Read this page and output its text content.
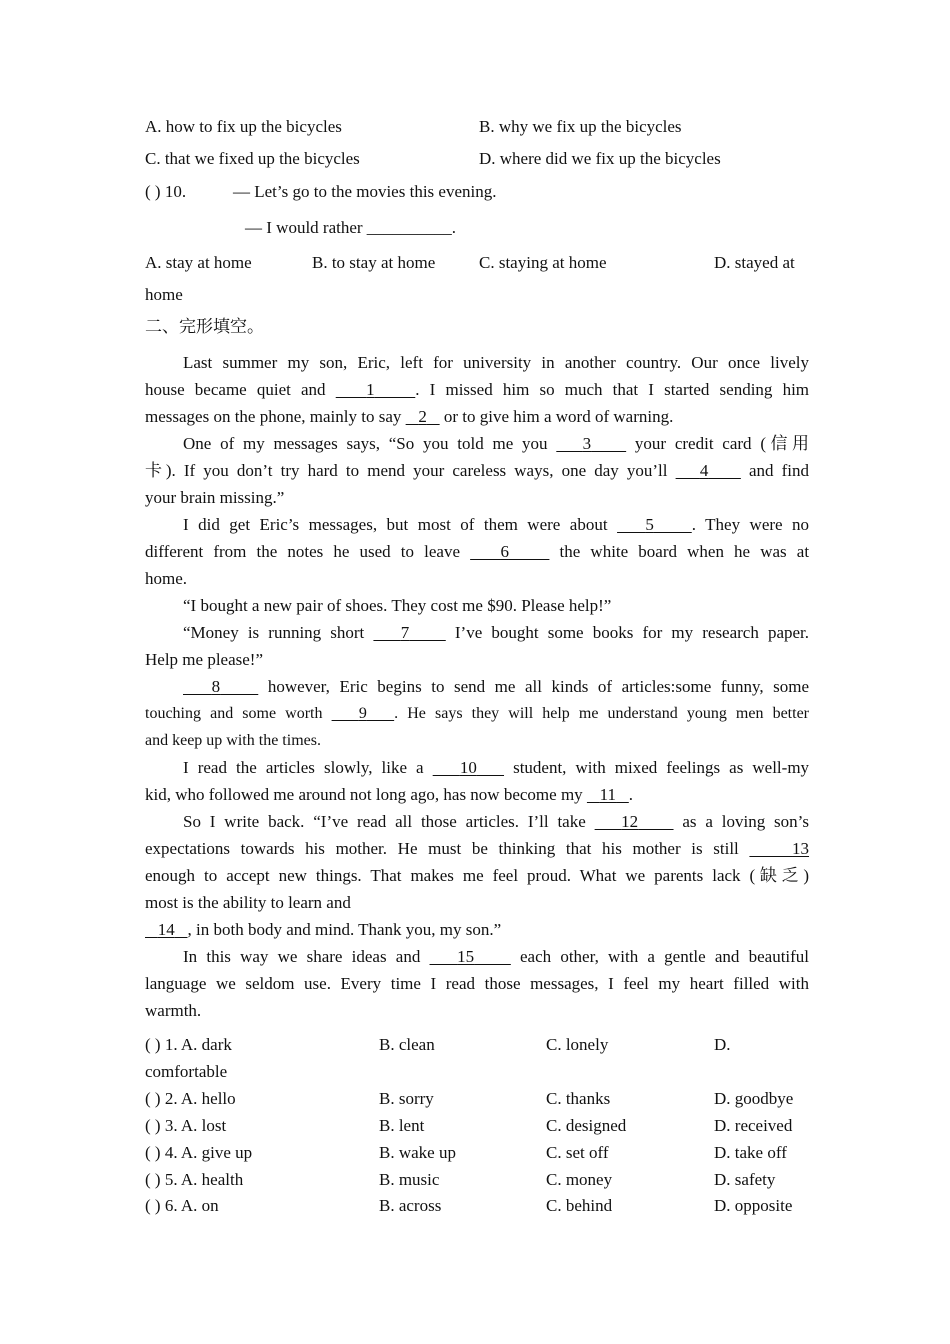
A. how to fix up the bicycles	B. why we fix up the bicycles
C. that we fixed up the bicycles	D. where did we fix up the bicycles
( ) 10.	— Let’s go to the movies this evening.
— I would rather __________.
A. stay at home	B. to stay at home	C. staying at home	D. stayed at
home
二、完形填空。
Last summer my son, Eric, left for university in another country. Our once lively
house became quiet and 1 . I missed him so much that I started sending him
messages on the phone, mainly to say 2 or to give him a word of warning.
One of my messages says, “So you told me you 3	your credit card (信用
卡). If you don’t try hard to mend your careless ways, one day you’ll 4 and find
your brain missing.”
I did get Eric’s messages, but most of them were about 5 . They were no
different from the notes he used to leave 6	the white board when he was at
home.
“I bought a new pair of shoes. They cost me $90. Please help!”
“Money is running short 7	I’ve bought some books for my research paper.
Help me please!”
8	however, Eric begins to send me all kinds of articles:some funny, some
touching and some worth 9 . He says they will help me understand young men better
and keep up with the times.
I read the articles slowly, like a 10 student, with mixed feelings as well-my
kid, who followed me around not long ago, has now become my 11 .
So I write back. “I’ve read all those articles. I’ll take 12	as a loving son’s
expectations towards his mother. He must be thinking that his mother is still	13
enough to accept new things. That makes me feel proud. What we parents lack (缺乏)
most is the ability to learn and
14 , in both body and mind. Thank you, my son.”
In this way we share ideas and 15	each other, with a gentle and beautiful
language we seldom use. Every time I read those messages, I feel my heart filled with
warmth.
( ) 1. A. dark	B. clean	C. lonely	D.
comfortable
( ) 2. A. hello	B. sorry	C. thanks	D. goodbye
( ) 3. A. lost	B. lent	C. designed	D. received
( ) 4. A. give up	B. wake up	C. set off	D. take off
( ) 5. A. health	B. music	C. money	D. safety
( ) 6. A. on	B. across	C. behind	D. opposite
